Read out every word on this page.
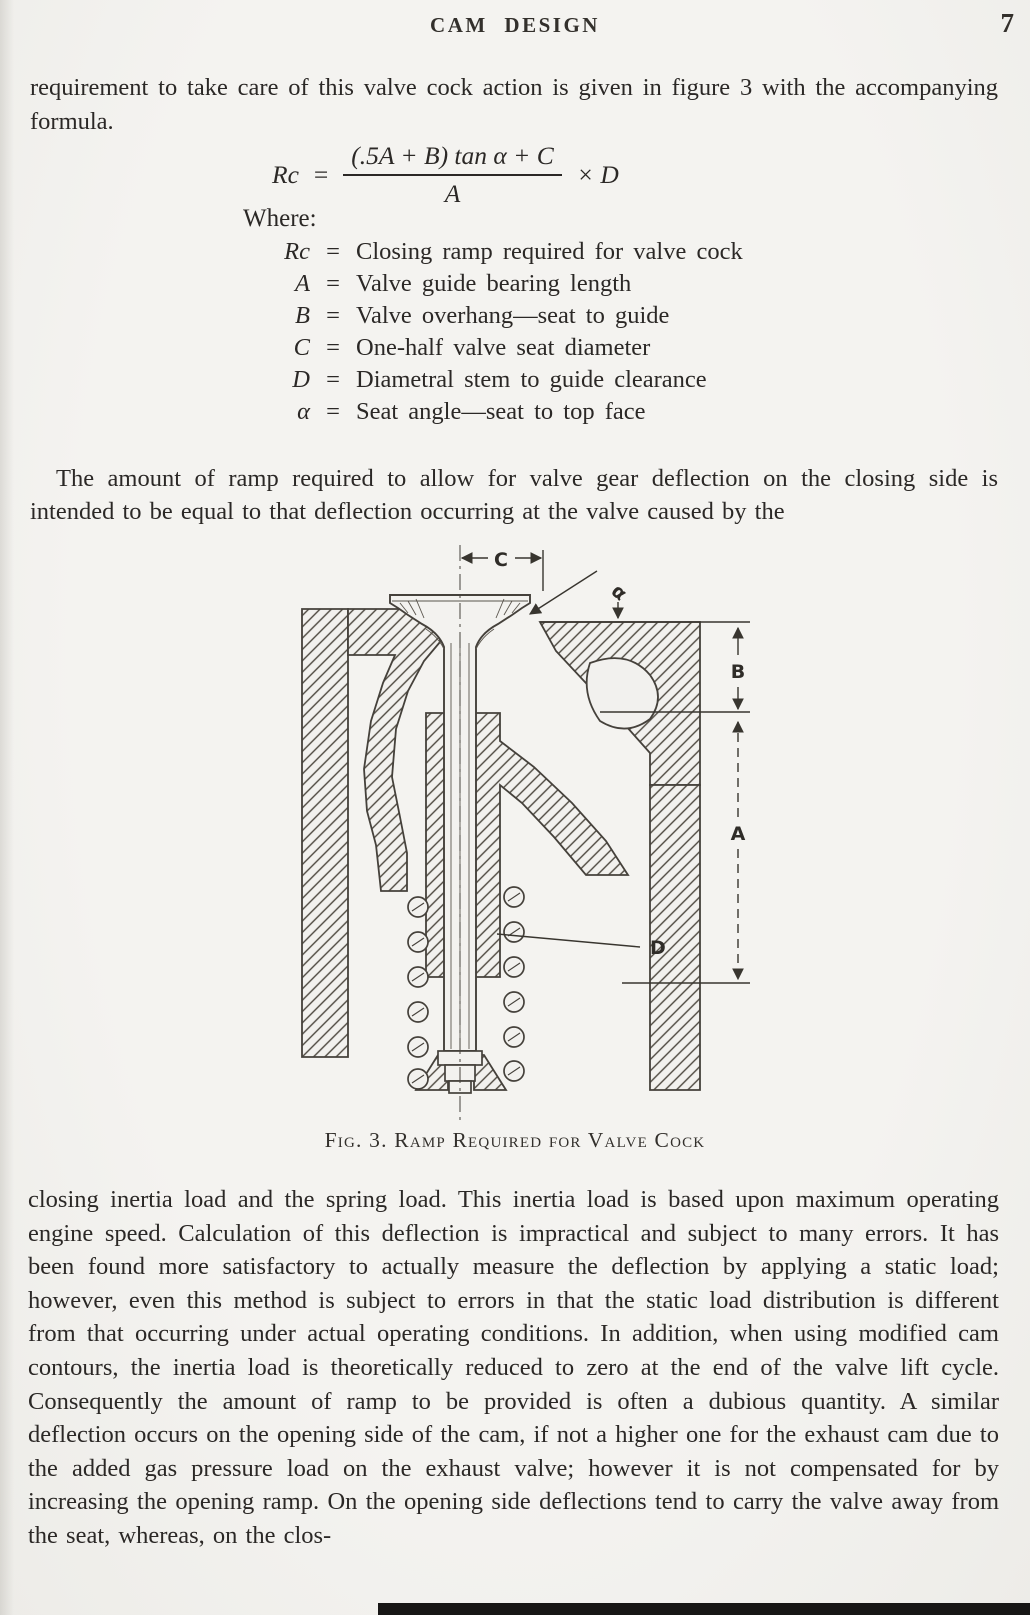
CAM DESIGN	7
requirement to take care of this valve cock action is given in figure 3 with the accompanying formula.
$Rc = \frac{\text{(.5A + B) tan α + C}}{A} \times D$
Where:
Rc = Closing ramp required for valve cock
A = Valve guide bearing length
B = Valve overhang—seat to guide
C = One-half valve seat diameter
D = Diametral stem to guide clearance
α = Seat angle—seat to top face
The amount of ramp required to allow for valve gear deflection on the closing side is intended to be equal to that deflection occurring at the valve caused by the
C
α
B
A
D
Fig. 3. Ramp Required for Valve Cock
closing inertia load and the spring load. This inertia load is based upon maximum operating engine speed. Calculation of this deflection is impractical and subject to many errors. It has been found more satisfactory to actually measure the deflection by applying a static load; however, even this method is subject to errors in that the static load distribution is different from that occurring under actual operating conditions. In addition, when using modified cam contours, the inertia load is theoretically reduced to zero at the end of the valve lift cycle. Consequently the amount of ramp to be provided is often a dubious quantity. A similar deflection occurs on the opening side of the cam, if not a higher one for the exhaust cam due to the added gas pressure load on the exhaust valve; however it is not compensated for by increasing the opening ramp. On the opening side deflections tend to carry the valve away from the seat, whereas, on the clos-
